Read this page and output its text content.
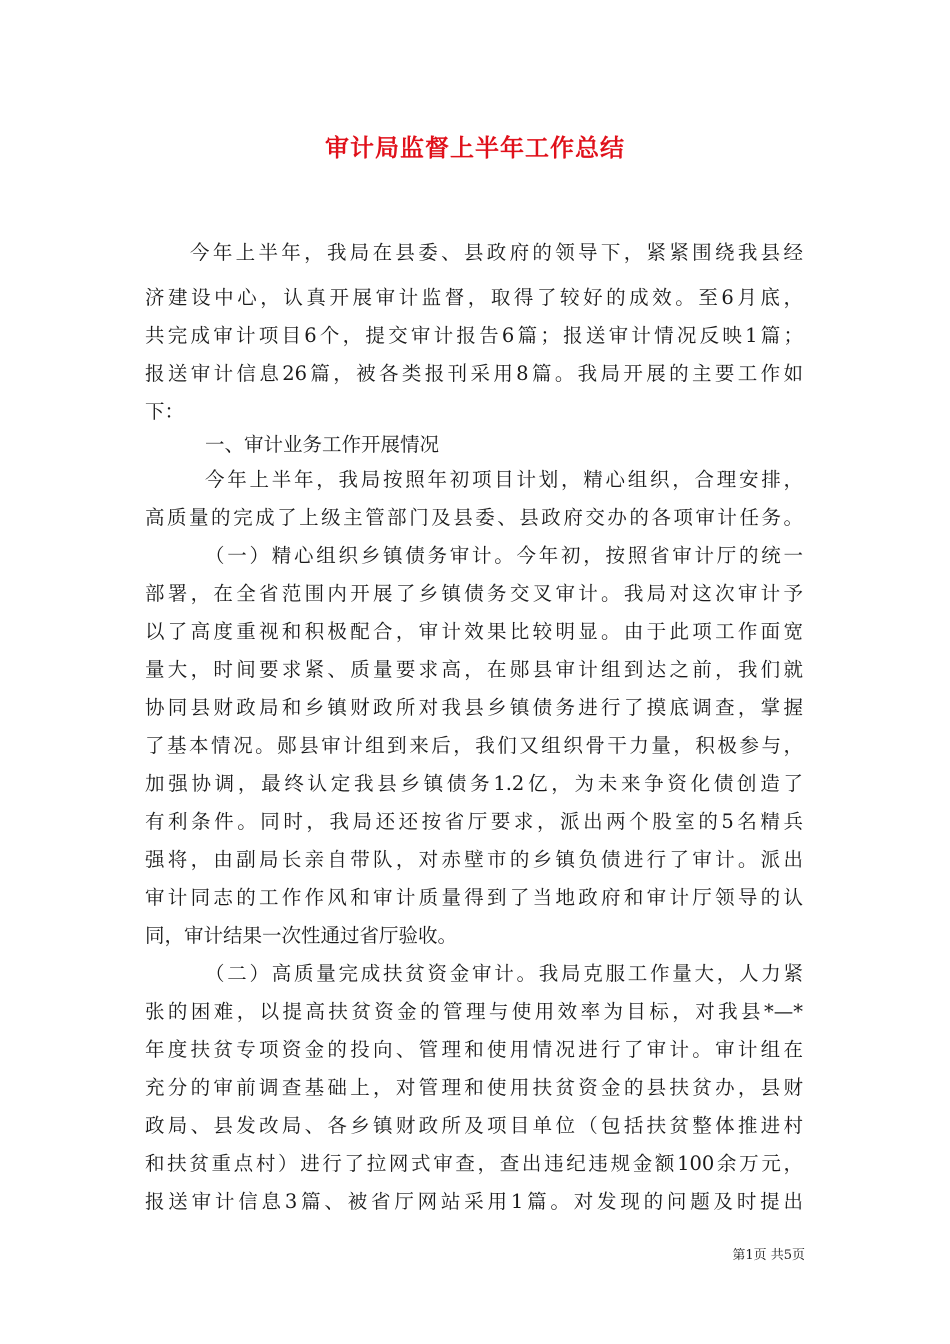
审计局监督上半年工作总结
今年上半年，我局在县委、县政府的领导下，紧紧围绕我县经
济建设中心，认真开展审计监督，取得了较好的成效。至6月底，
共完成审计项目6个，提交审计报告6篇；报送审计情况反映1篇；
报送审计信息26篇，被各类报刊采用8篇。我局开展的主要工作如
下：
一、审计业务工作开展情况
今年上半年，我局按照年初项目计划，精心组织，合理安排，
高质量的完成了上级主管部门及县委、县政府交办的各项审计任务。
（一）精心组织乡镇债务审计。今年初，按照省审计厅的统一
部署，在全省范围内开展了乡镇债务交叉审计。我局对这次审计予
以了高度重视和积极配合，审计效果比较明显。由于此项工作面宽
量大，时间要求紧、质量要求高，在郧县审计组到达之前，我们就
协同县财政局和乡镇财政所对我县乡镇债务进行了摸底调查，掌握
了基本情况。郧县审计组到来后，我们又组织骨干力量，积极参与，
加强协调，最终认定我县乡镇债务1.2亿，为未来争资化债创造了
有利条件。同时，我局还还按省厅要求，派出两个股室的5名精兵
强将，由副局长亲自带队，对赤壁市的乡镇负债进行了审计。派出
审计同志的工作作风和审计质量得到了当地政府和审计厅领导的认
同，审计结果一次性通过省厅验收。
（二）高质量完成扶贫资金审计。我局克服工作量大，人力紧
张的困难，以提高扶贫资金的管理与使用效率为目标，对我县*—*
年度扶贫专项资金的投向、管理和使用情况进行了审计。审计组在
充分的审前调查基础上，对管理和使用扶贫资金的县扶贫办，县财
政局、县发改局、各乡镇财政所及项目单位（包括扶贫整体推进村
和扶贫重点村）进行了拉网式审查，查出违纪违规金额100余万元，
报送审计信息3篇、被省厅网站采用1篇。对发现的问题及时提出
第1页 共5页
